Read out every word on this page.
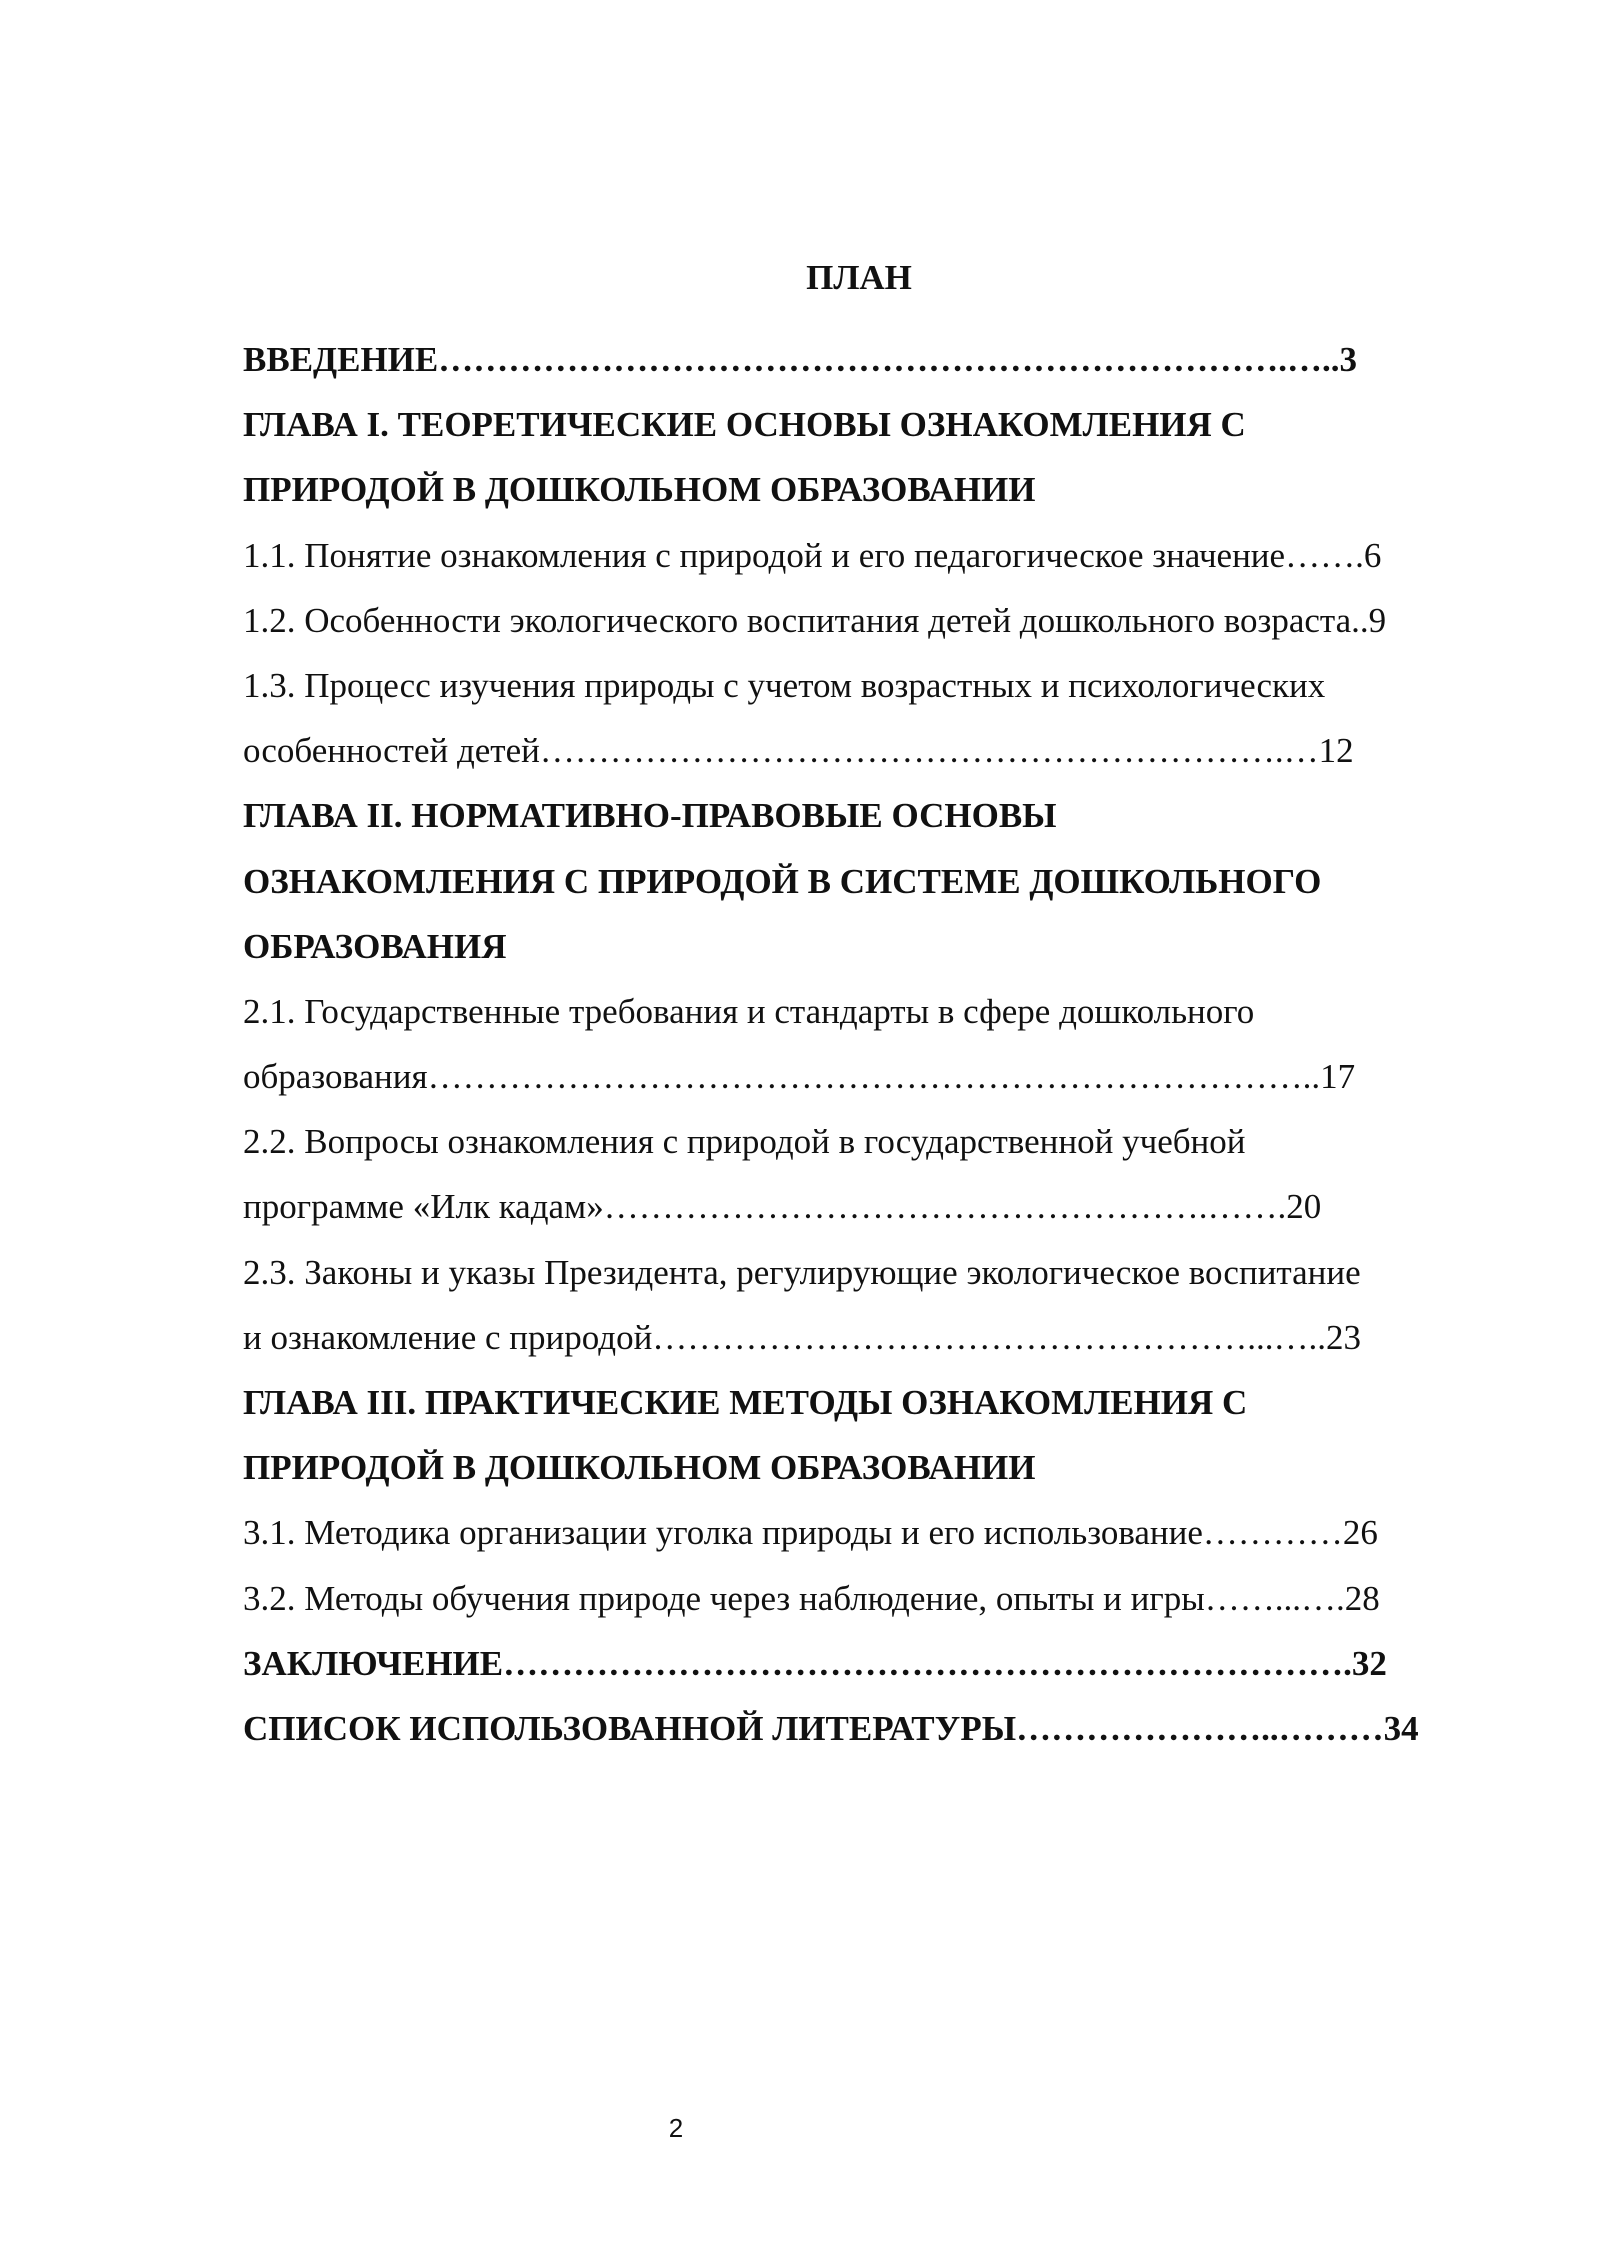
ПЛАН
ВВЕДЕНИЕ……………………………………………………………….…..3
ГЛАВА I. ТЕОРЕТИЧЕСКИЕ ОСНОВЫ ОЗНАКОМЛЕНИЯ С
ПРИРОДОЙ В ДОШКОЛЬНОМ ОБРАЗОВАНИИ
1.1. Понятие ознакомления с природой и его педагогическое значение…….6
1.2. Особенности экологического воспитания детей дошкольного возраста..9
1.3. Процесс изучения природы с учетом возрастных и психологических
особенностей детей……………………………………………………….…12
ГЛАВА II. НОРМАТИВНО-ПРАВОВЫЕ ОСНОВЫ
ОЗНАКОМЛЕНИЯ С ПРИРОДОЙ В СИСТЕМЕ ДОШКОЛЬНОГО
ОБРАЗОВАНИЯ
2.1. Государственные требования и стандарты в сфере дошкольного
образования…………………………………………………………………..17
2.2. Вопросы ознакомления с природой в государственной учебной
программе «Илк кадам»…………………………………………….…….20
2.3. Законы и указы Президента, регулирующие экологическое воспитание
и ознакомление с природой……………………………………………...…..23
ГЛАВА III. ПРАКТИЧЕСКИЕ МЕТОДЫ ОЗНАКОМЛЕНИЯ С
ПРИРОДОЙ В ДОШКОЛЬНОМ ОБРАЗОВАНИИ
3.1. Методика организации уголка природы и его использование…………26
3.2. Методы обучения природе через наблюдение, опыты и игры……...….28
ЗАКЛЮЧЕНИЕ……………………………………………………………….32
СПИСОК ИСПОЛЬЗОВАННОЙ ЛИТЕРАТУРЫ…………………..………34
2
